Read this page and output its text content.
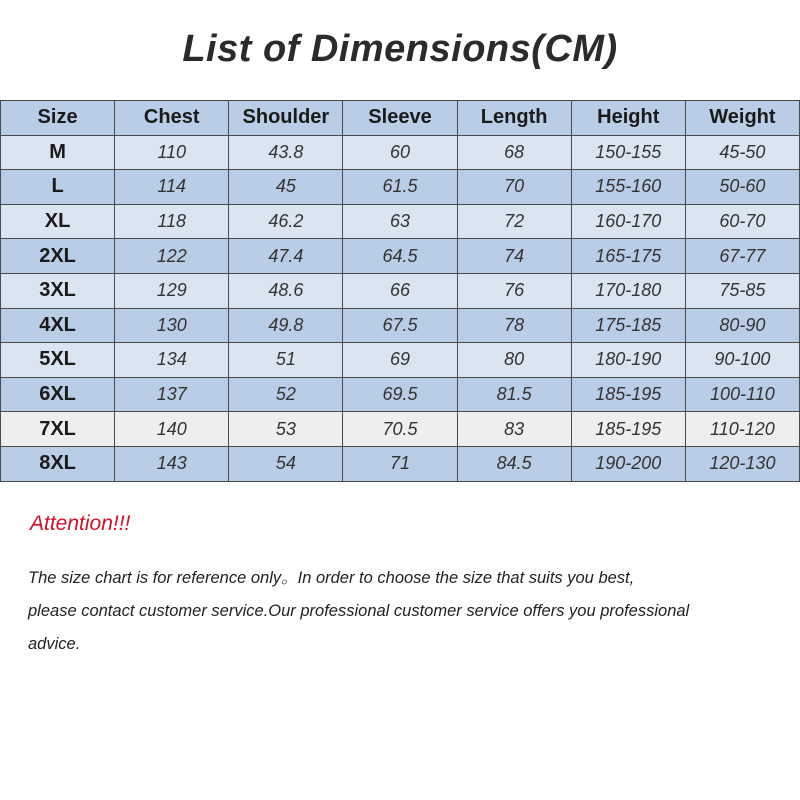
List of Dimensions(CM)
Size	Chest	Shoulder	Sleeve	Length	Height	Weight
M	110	43.8	60	68	150-155	45-50
L	114	45	61.5	70	155-160	50-60
XL	118	46.2	63	72	160-170	60-70
2XL	122	47.4	64.5	74	165-175	67-77
3XL	129	48.6	66	76	170-180	75-85
4XL	130	49.8	67.5	78	175-185	80-90
5XL	134	51	69	80	180-190	90-100
6XL	137	52	69.5	81.5	185-195	100-110
7XL	140	53	70.5	83	185-195	110-120
8XL	143	54	71	84.5	190-200	120-130
Attention!!!
The size chart is for reference only。In order to choose the size that suits you best,
please contact customer service.Our professional customer service offers you professional
advice.
